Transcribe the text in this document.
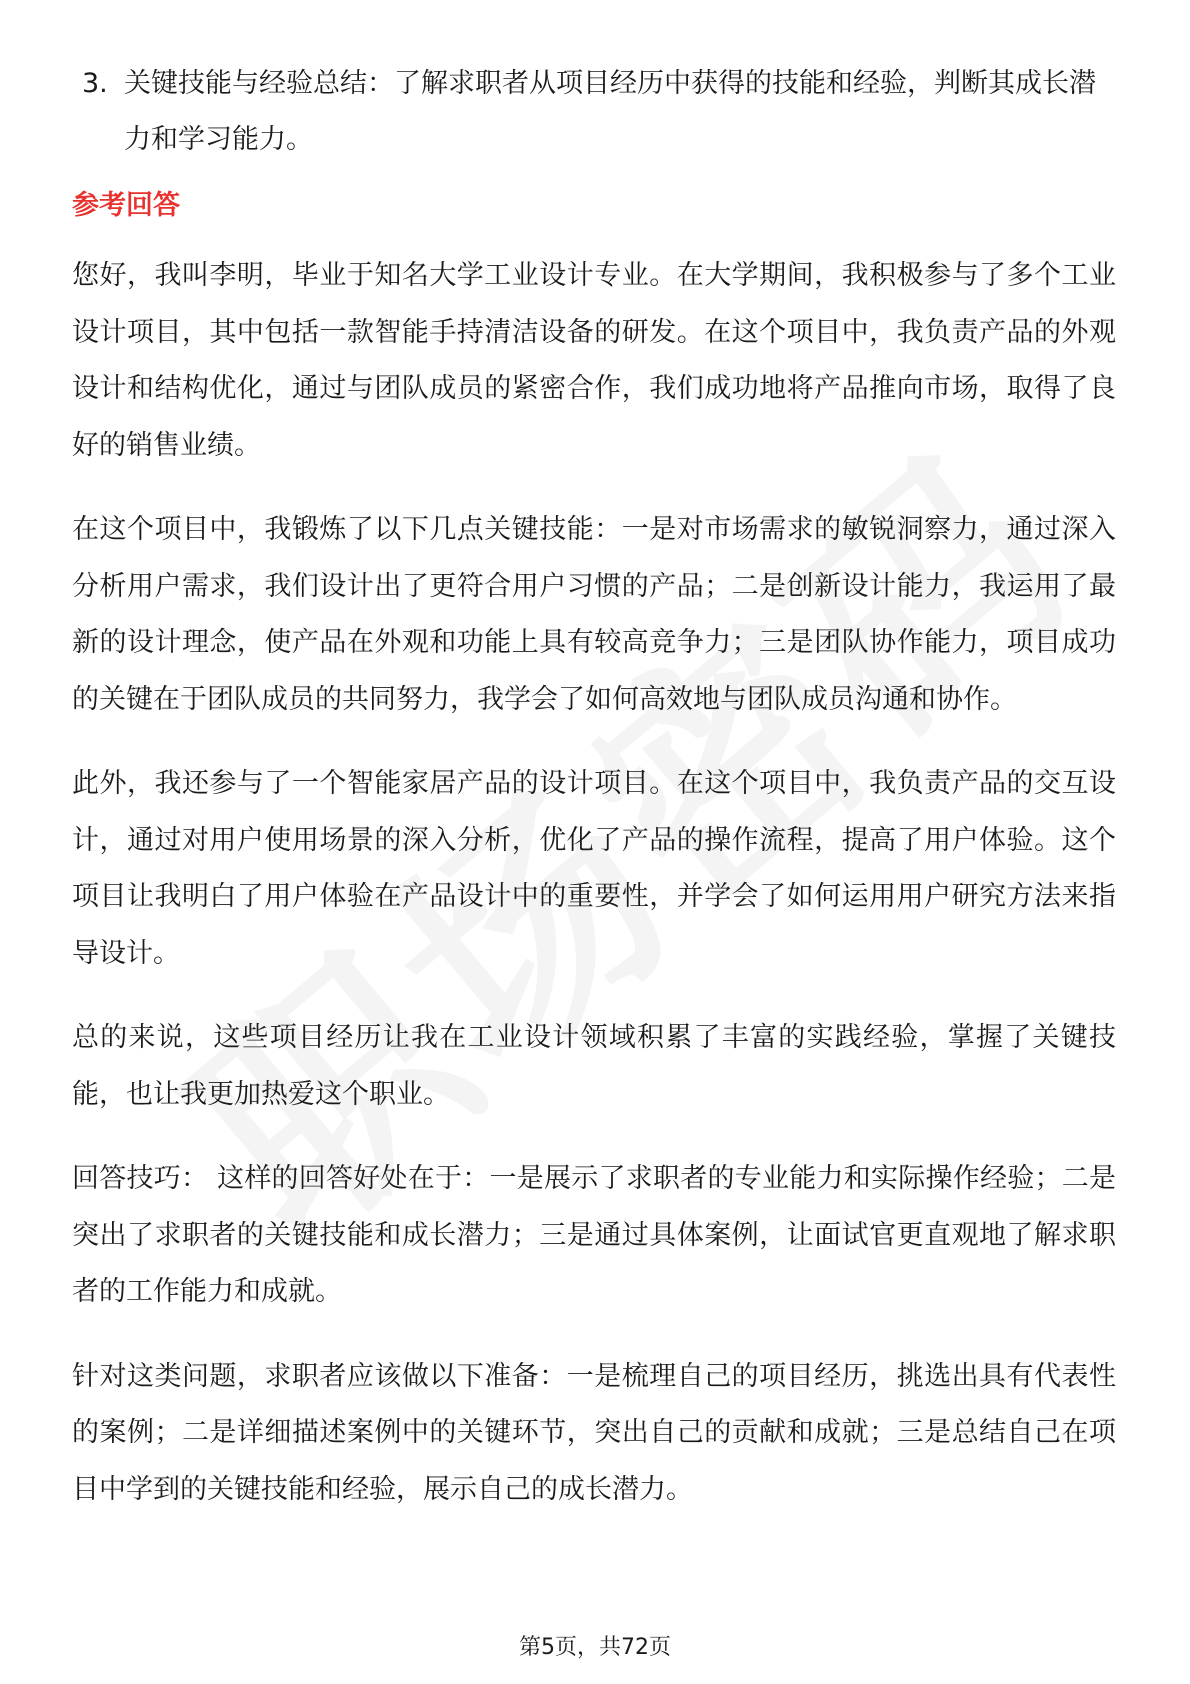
3. 关键技能与经验总结：了解求职者从项目经历中获得的技能和经验，判断其成长潜力和学习能力。
参考回答

您好，我叫李明，毕业于知名大学工业设计专业。在大学期间，我积极参与了多个工业设计项目，其中包括一款智能手持清洁设备的研发。在这个项目中，我负责产品的外观设计和结构优化，通过与团队成员的紧密合作，我们成功地将产品推向市场，取得了良好的销售业绩。

在这个项目中，我锻炼了以下几点关键技能：一是对市场需求的敏锐洞察力，通过深入分析用户需求，我们设计出了更符合用户习惯的产品；二是创新设计能力，我运用了最新的设计理念，使产品在外观和功能上具有较高竞争力；三是团队协作能力，项目成功的关键在于团队成员的共同努力，我学会了如何高效地与团队成员沟通和协作。

此外，我还参与了一个智能家居产品的设计项目。在这个项目中，我负责产品的交互设计，通过对用户使用场景的深入分析，优化了产品的操作流程，提高了用户体验。这个项目让我明白了用户体验在产品设计中的重要性，并学会了如何运用用户研究方法来指导设计。

总的来说，这些项目经历让我在工业设计领域积累了丰富的实践经验，掌握了关键技能，也让我更加热爱这个职业。

回答技巧： 这样的回答好处在于：一是展示了求职者的专业能力和实际操作经验；二是突出了求职者的关键技能和成长潜力；三是通过具体案例，让面试官更直观地了解求职者的工作能力和成就。

针对这类问题，求职者应该做以下准备：一是梳理自己的项目经历，挑选出具有代表性的案例；二是详细描述案例中的关键环节，突出自己的贡献和成就；三是总结自己在项目中学到的关键技能和经验，展示自己的成长潜力。

第5页，共72页
